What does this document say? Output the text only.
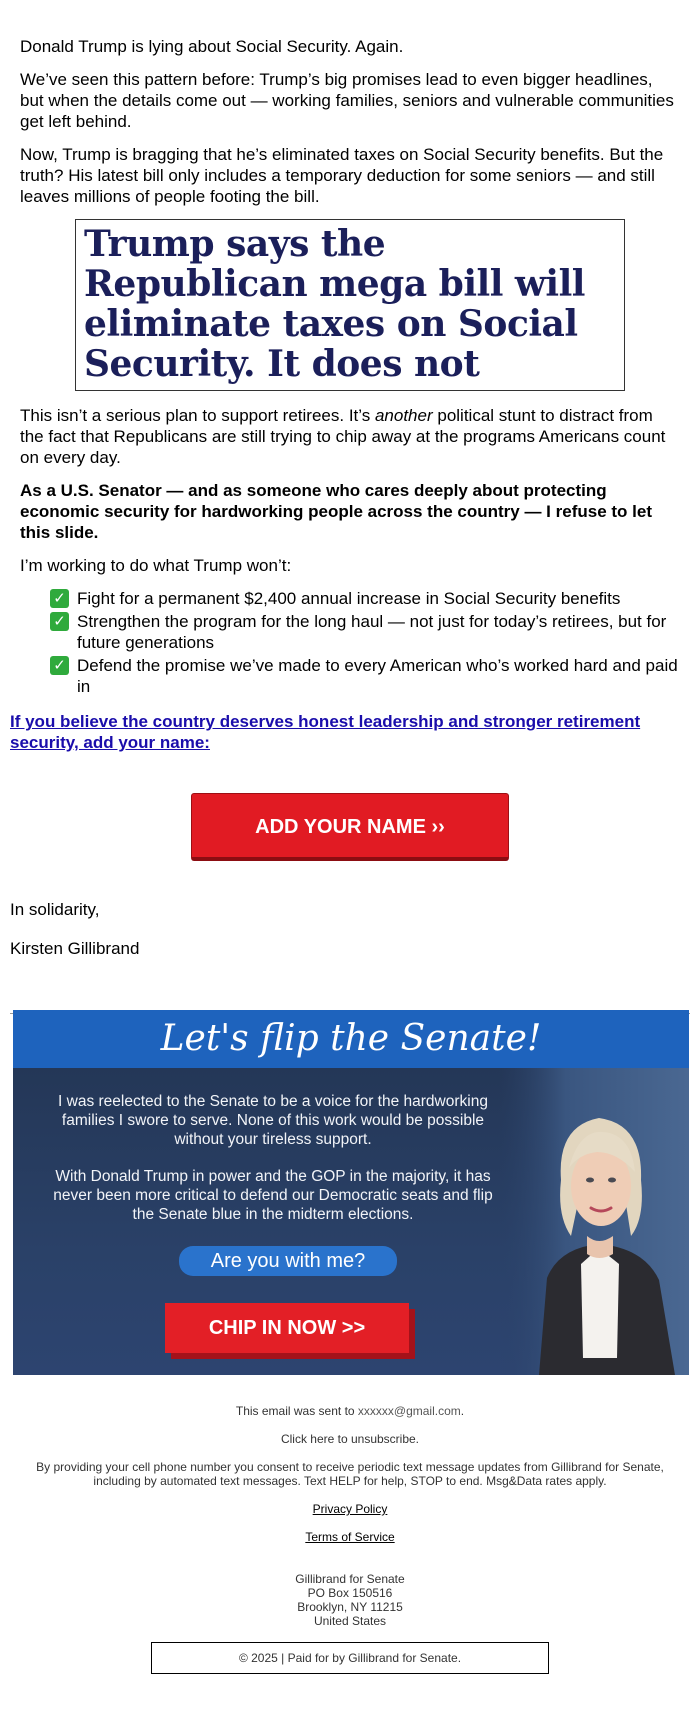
Donald Trump is lying about Social Security. Again.

We’ve seen this pattern before: Trump’s big promises lead to even bigger headlines, but when the details come out — working families, seniors and vulnerable communities get left behind.

Now, Trump is bragging that he’s eliminated taxes on Social Security benefits. But the truth? His latest bill only includes a temporary deduction for some seniors — and still leaves millions of people footing the bill.

Trump says the Republican mega bill will eliminate taxes on Social Security. It does not

This isn’t a serious plan to support retirees. It’s another political stunt to distract from the fact that Republicans are still trying to chip away at the programs Americans count on every day.

As a U.S. Senator — and as someone who cares deeply about protecting economic security for hardworking people across the country — I refuse to let this slide.

I’m working to do what Trump won’t:

✓ Fight for a permanent $2,400 annual increase in Social Security benefits
✓ Strengthen the program for the long haul — not just for today’s retirees, but for future generations
✓ Defend the promise we’ve made to every American who’s worked hard and paid in
If you believe the country deserves honest leadership and stronger retirement security, add your name:
ADD YOUR NAME ››

In solidarity,

Kirsten Gillibrand

Let's flip the Senate!

I was reelected to the Senate to be a voice for the hardworking families I swore to serve. None of this work would be possible without your tireless support.

With Donald Trump in power and the GOP in the majority, it has never been more critical to defend our Democratic seats and flip the Senate blue in the midterm elections.

Are you with me?
CHIP IN NOW >>

This email was sent to xxxxxx@gmail.com.

Click here to unsubscribe.

By providing your cell phone number you consent to receive periodic text message updates from Gillibrand for Senate, including by automated text messages. Text HELP for help, STOP to end. Msg&Data rates apply.

Privacy Policy

Terms of Service

Gillibrand for Senate
PO Box 150516
Brooklyn, NY 11215
United States
© 2025 | Paid for by Gillibrand for Senate.
